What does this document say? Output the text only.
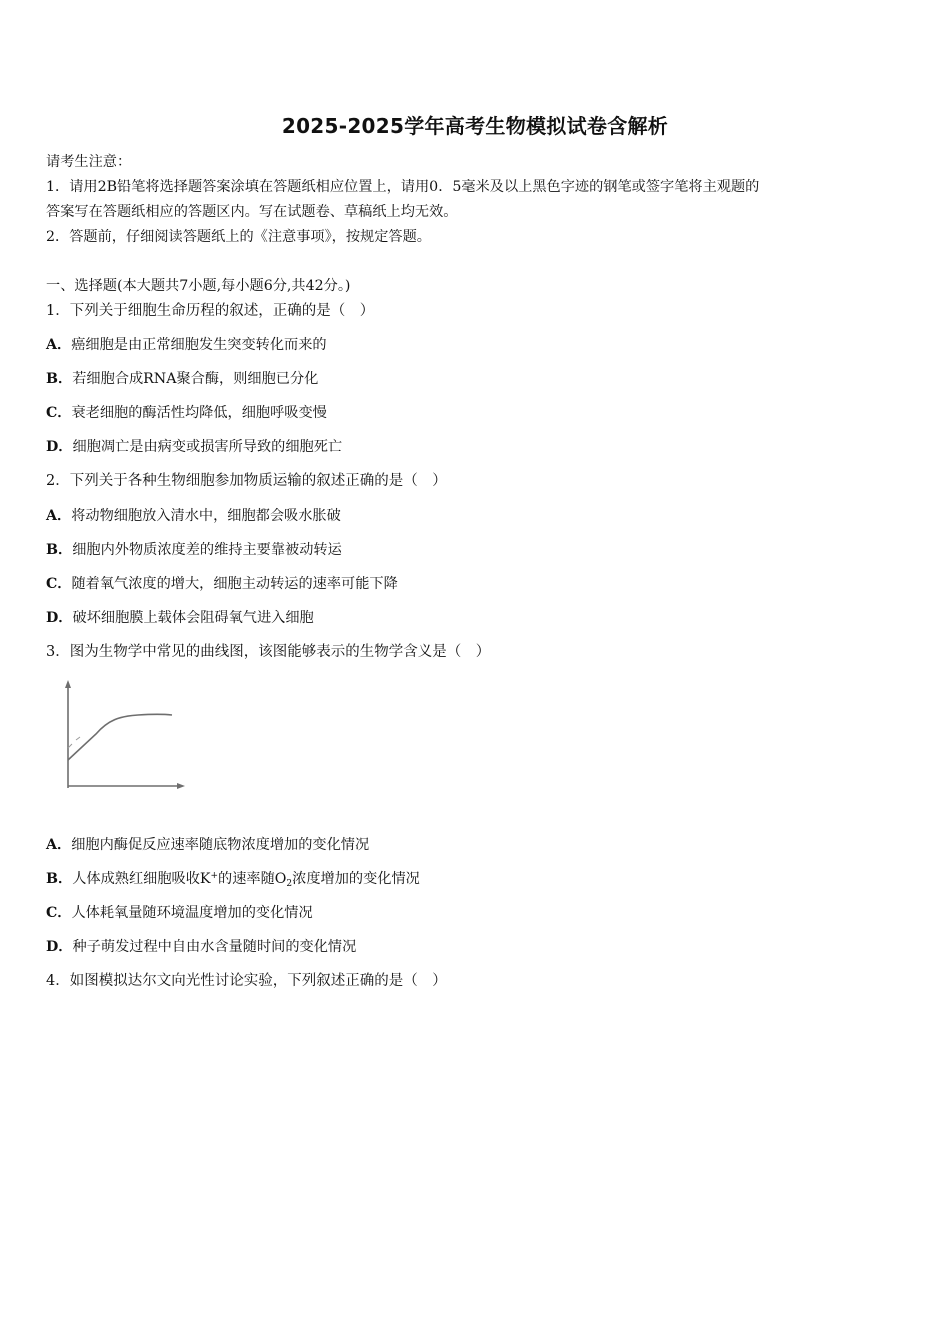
2025-2025学年高考生物模拟试卷含解析
请考生注意：
1．请用2B铅笔将选择题答案涂填在答题纸相应位置上，请用0．5毫米及以上黑色字迹的钢笔或签字笔将主观题的
答案写在答题纸相应的答题区内。写在试题卷、草稿纸上均无效。
2．答题前，仔细阅读答题纸上的《注意事项》，按规定答题。
一、选择题(本大题共7小题,每小题6分,共42分。)
1．下列关于细胞生命历程的叙述，正确的是（　）
A．癌细胞是由正常细胞发生突变转化而来的
B．若细胞合成RNA聚合酶，则细胞已分化
C．衰老细胞的酶活性均降低，细胞呼吸变慢
D．细胞凋亡是由病变或损害所导致的细胞死亡
2．下列关于各种生物细胞参加物质运输的叙述正确的是（　）
A．将动物细胞放入清水中，细胞都会吸水胀破
B．细胞内外物质浓度差的维持主要靠被动转运
C．随着氧气浓度的增大，细胞主动转运的速率可能下降
D．破坏细胞膜上载体会阻碍氧气进入细胞
3．图为生物学中常见的曲线图，该图能够表示的生物学含义是（　）
A．细胞内酶促反应速率随底物浓度增加的变化情况
B．人体成熟红细胞吸收K+的速率随$O_2$浓度增加的变化情况
C．人体耗氧量随环境温度增加的变化情况
D．种子萌发过程中自由水含量随时间的变化情况
4．如图模拟达尔文向光性讨论实验，下列叙述正确的是（　）
